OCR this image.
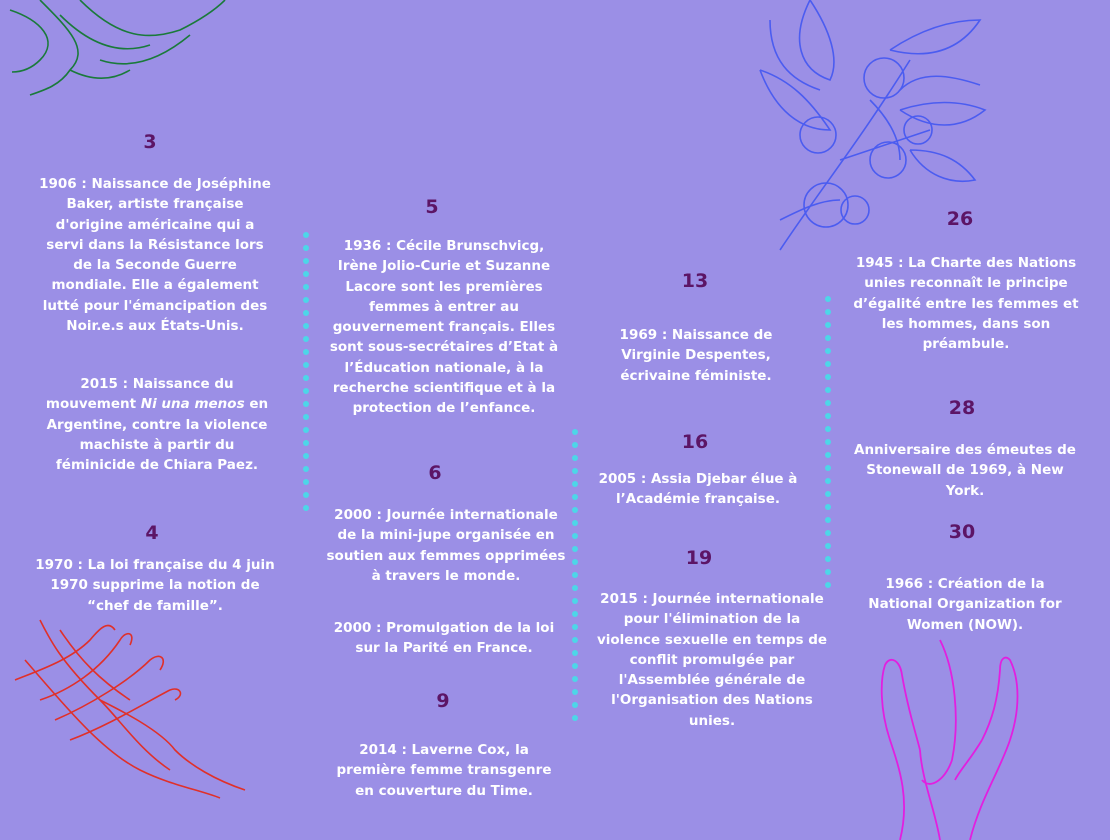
3
1906 : Naissance de Joséphine Baker, artiste française d'origine américaine qui a servi dans la Résistance lors de la Seconde Guerre mondiale. Elle a également lutté pour l'émancipation des Noir.e.s aux États-Unis.
2015 : Naissance du mouvement Ni una menos en Argentine, contre la violence machiste à partir du féminicide de Chiara Paez.
4
1970 : La loi française du 4 juin 1970 supprime la notion de “chef de famille”.
5
1936 : Cécile Brunschvicg, Irène Jolio-Curie et Suzanne Lacore sont les premières femmes à entrer au gouvernement français. Elles sont sous-secrétaires d’Etat à l’Éducation nationale, à la recherche scientifique et à la protection de l’enfance.
6
2000 : Journée internationale de la mini-jupe organisée en soutien aux femmes opprimées à travers le monde.
2000 : Promulgation de la loi sur la Parité en France.
9
2014 : Laverne Cox, la première femme transgenre en couverture du Time.
13
1969 : Naissance de Virginie Despentes, écrivaine féministe.
16
2005 : Assia Djebar élue à l’Académie française.
19
2015 : Journée internationale pour l'élimination de la violence sexuelle en temps de conflit promulgée par l'Assemblée générale de l'Organisation des Nations unies.
26
1945 : La Charte des Nations unies reconnaît le principe d’égalité entre les femmes et les hommes, dans son préambule.
28
Anniversaire des émeutes de Stonewall de 1969, à New York.
30
1966 : Création de la National Organization for Women (NOW).
